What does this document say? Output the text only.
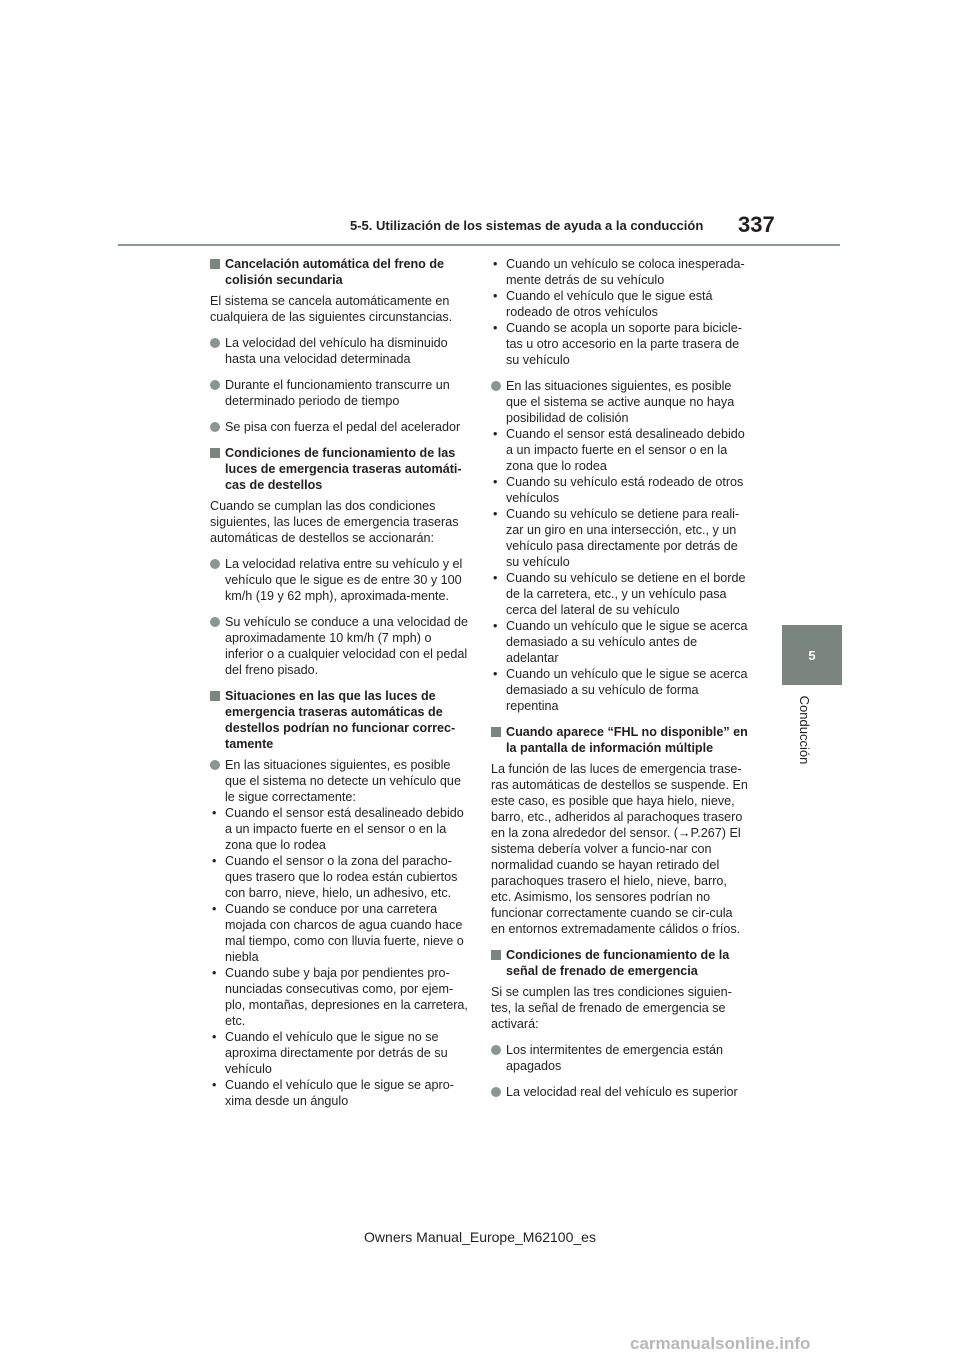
5-5. Utilización de los sistemas de ayuda a la conducción 337
5
Conducción
Cancelación automática del freno de colisión secundaria
El sistema se cancela automáticamente en cualquiera de las siguientes circunstancias.
La velocidad del vehículo ha disminuido hasta una velocidad determinada
Durante el funcionamiento transcurre un determinado periodo de tiempo
Se pisa con fuerza el pedal del acelerador
Condiciones de funcionamiento de las luces de emergencia traseras automáti-cas de destellos
Cuando se cumplan las dos condiciones siguientes, las luces de emergencia traseras automáticas de destellos se accionarán:
La velocidad relativa entre su vehículo y el vehículo que le sigue es de entre 30 y 100 km/h (19 y 62 mph), aproximada-mente.
Su vehículo se conduce a una velocidad de aproximadamente 10 km/h (7 mph) o inferior o a cualquier velocidad con el pedal del freno pisado.
Situaciones en las que las luces de emergencia traseras automáticas de destellos podrían no funcionar correc-tamente
En las situaciones siguientes, es posible que el sistema no detecte un vehículo que le sigue correctamente:
• Cuando el sensor está desalineado debido a un impacto fuerte en el sensor o en la zona que lo rodea
• Cuando el sensor o la zona del paracho-ques trasero que lo rodea están cubiertos con barro, nieve, hielo, un adhesivo, etc.
• Cuando se conduce por una carretera mojada con charcos de agua cuando hace mal tiempo, como con lluvia fuerte, nieve o niebla
• Cuando sube y baja por pendientes pro-nunciadas consecutivas como, por ejem-plo, montañas, depresiones en la carretera, etc.
• Cuando el vehículo que le sigue no se aproxima directamente por detrás de su vehículo
• Cuando el vehículo que le sigue se apro-xima desde un ángulo
• Cuando un vehículo se coloca inesperada-mente detrás de su vehículo
• Cuando el vehículo que le sigue está rodeado de otros vehículos
• Cuando se acopla un soporte para bicicle-tas u otro accesorio en la parte trasera de su vehículo
En las situaciones siguientes, es posible que el sistema se active aunque no haya posibilidad de colisión
• Cuando el sensor está desalineado debido a un impacto fuerte en el sensor o en la zona que lo rodea
• Cuando su vehículo está rodeado de otros vehículos
• Cuando su vehículo se detiene para reali-zar un giro en una intersección, etc., y un vehículo pasa directamente por detrás de su vehículo
• Cuando su vehículo se detiene en el borde de la carretera, etc., y un vehículo pasa cerca del lateral de su vehículo
• Cuando un vehículo que le sigue se acerca demasiado a su vehículo antes de adelantar
• Cuando un vehículo que le sigue se acerca demasiado a su vehículo de forma repentina
Cuando aparece “FHL no disponible” en la pantalla de información múltiple
La función de las luces de emergencia trase-ras automáticas de destellos se suspende. En este caso, es posible que haya hielo, nieve, barro, etc., adheridos al parachoques trasero en la zona alrededor del sensor. (→P.267) El sistema debería volver a funcio-nar con normalidad cuando se hayan retirado del parachoques trasero el hielo, nieve, barro, etc. Asimismo, los sensores podrían no funcionar correctamente cuando se cir-cula en entornos extremadamente cálidos o fríos.
Condiciones de funcionamiento de la señal de frenado de emergencia
Si se cumplen las tres condiciones siguien-tes, la señal de frenado de emergencia se activará:
Los intermitentes de emergencia están apagados
La velocidad real del vehículo es superior
Owners Manual_Europe_M62100_es
carmanualsonline.info
